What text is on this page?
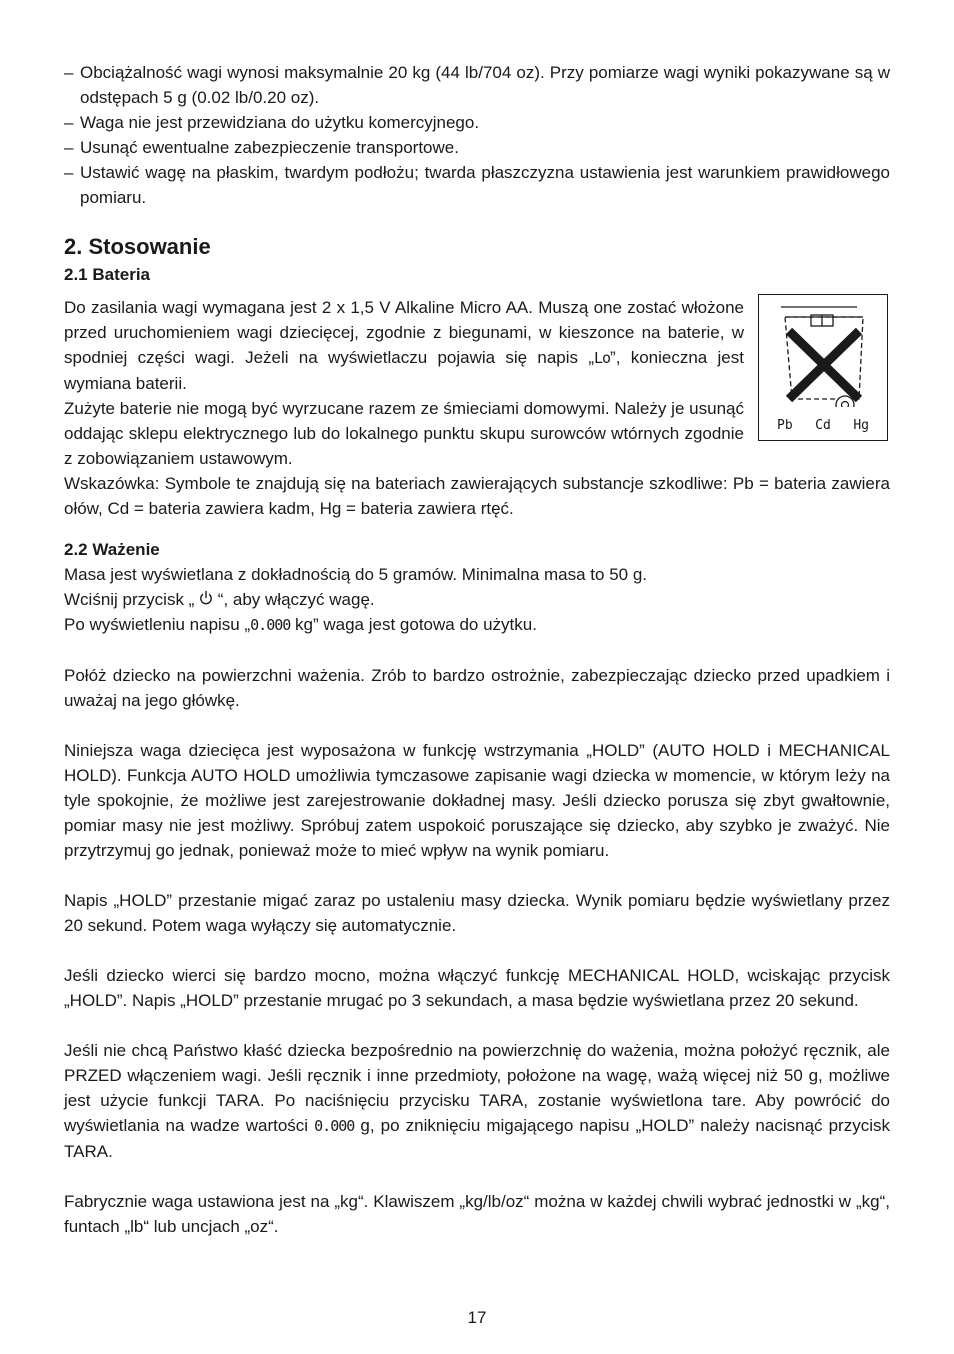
– Obciążalność wagi wynosi maksymalnie 20 kg (44 lb/704 oz). Przy pomiarze wagi wyniki pokazywane są w odstępach 5 g (0.02 lb/0.20 oz).

– Waga nie jest przewidziana do użytku komercyjnego.

– Usunąć ewentualne zabezpieczenie transportowe.

– Ustawić wagę na płaskim, twardym podłożu; twarda płaszczyzna ustawienia jest warunkiem prawidłowego pomiaru.

2. Stosowanie
2.1 Bateria

Do zasilania wagi wymagana jest 2 x 1,5 V Alkaline Micro AA. Muszą one zostać włożone przed uruchomieniem wagi dziecięcej, zgodnie z biegunami, w kieszonce na baterie, w spodniej części wagi. Jeżeli na wyświetlaczu pojawia się napis „Lo”, konieczna jest wymiana baterii.

Zużyte baterie nie mogą być wyrzucane razem ze śmieciami domowymi. Należy je usunąć oddając sklepu elektrycznego lub do lokalnego punktu skupu surowców wtórnych zgodnie z zobowiązaniem ustawowym.

Wskazówka: Symbole te znajdują się na bateriach zawierających substancje szkodliwe: Pb = bateria zawiera ołów, Cd = bateria zawiera kadm, Hg = bateria zawiera rtęć.

2.2 Ważenie

Masa jest wyświetlana z dokładnością do 5 gramów. Minimalna masa to 50 g.

Wciśnij przycisk „  “, aby włączyć wagę.

Po wyświetleniu napisu „0.000 kg” waga jest gotowa do użytku.

Połóż dziecko na powierzchni ważenia. Zrób to bardzo ostrożnie, zabezpieczając dziecko przed upadkiem i uważaj na jego główkę.

Niniejsza waga dziecięca jest wyposażona w funkcję wstrzymania „HOLD” (AUTO HOLD i MECHANICAL HOLD). Funkcja AUTO HOLD umożliwia tymczasowe zapisanie wagi dziecka w momencie, w którym leży na tyle spokojnie, że możliwe jest zarejestrowanie dokładnej masy. Jeśli dziecko porusza się zbyt gwałtownie, pomiar masy nie jest możliwy. Spróbuj zatem uspokoić poruszające się dziecko, aby szybko je zważyć. Nie przytrzymuj go jednak, ponieważ może to mieć wpływ na wynik pomiaru.

Napis „HOLD” przestanie migać zaraz po ustaleniu masy dziecka. Wynik pomiaru będzie wyświetlany przez 20 sekund. Potem waga wyłączy się automatycznie.

Jeśli dziecko wierci się bardzo mocno, można włączyć funkcję MECHANICAL HOLD, wciskając przycisk „HOLD”. Napis „HOLD” przestanie mrugać po 3 sekundach, a masa będzie wyświetlana przez 20 sekund.

Jeśli nie chcą Państwo kłaść dziecka bezpośrednio na powierzchnię do ważenia, można położyć ręcznik, ale PRZED włączeniem wagi. Jeśli ręcznik i inne przedmioty, położone na wagę, ważą więcej niż 50 g, możliwe jest użycie funkcji TARA. Po naciśnięciu przycisku TARA, zostanie wyświetlona tare. Aby powrócić do wyświetlania na wadze wartości 0.000 g, po zniknięciu migającego napisu „HOLD” należy nacisnąć przycisk TARA.

Fabrycznie waga ustawiona jest na „kg“. Klawiszem „kg/lb/oz“ można w każdej chwili wybrać jednostki w „kg“, funtach „lb“ lub uncjach „oz“.

Pb Cd Hg
17
